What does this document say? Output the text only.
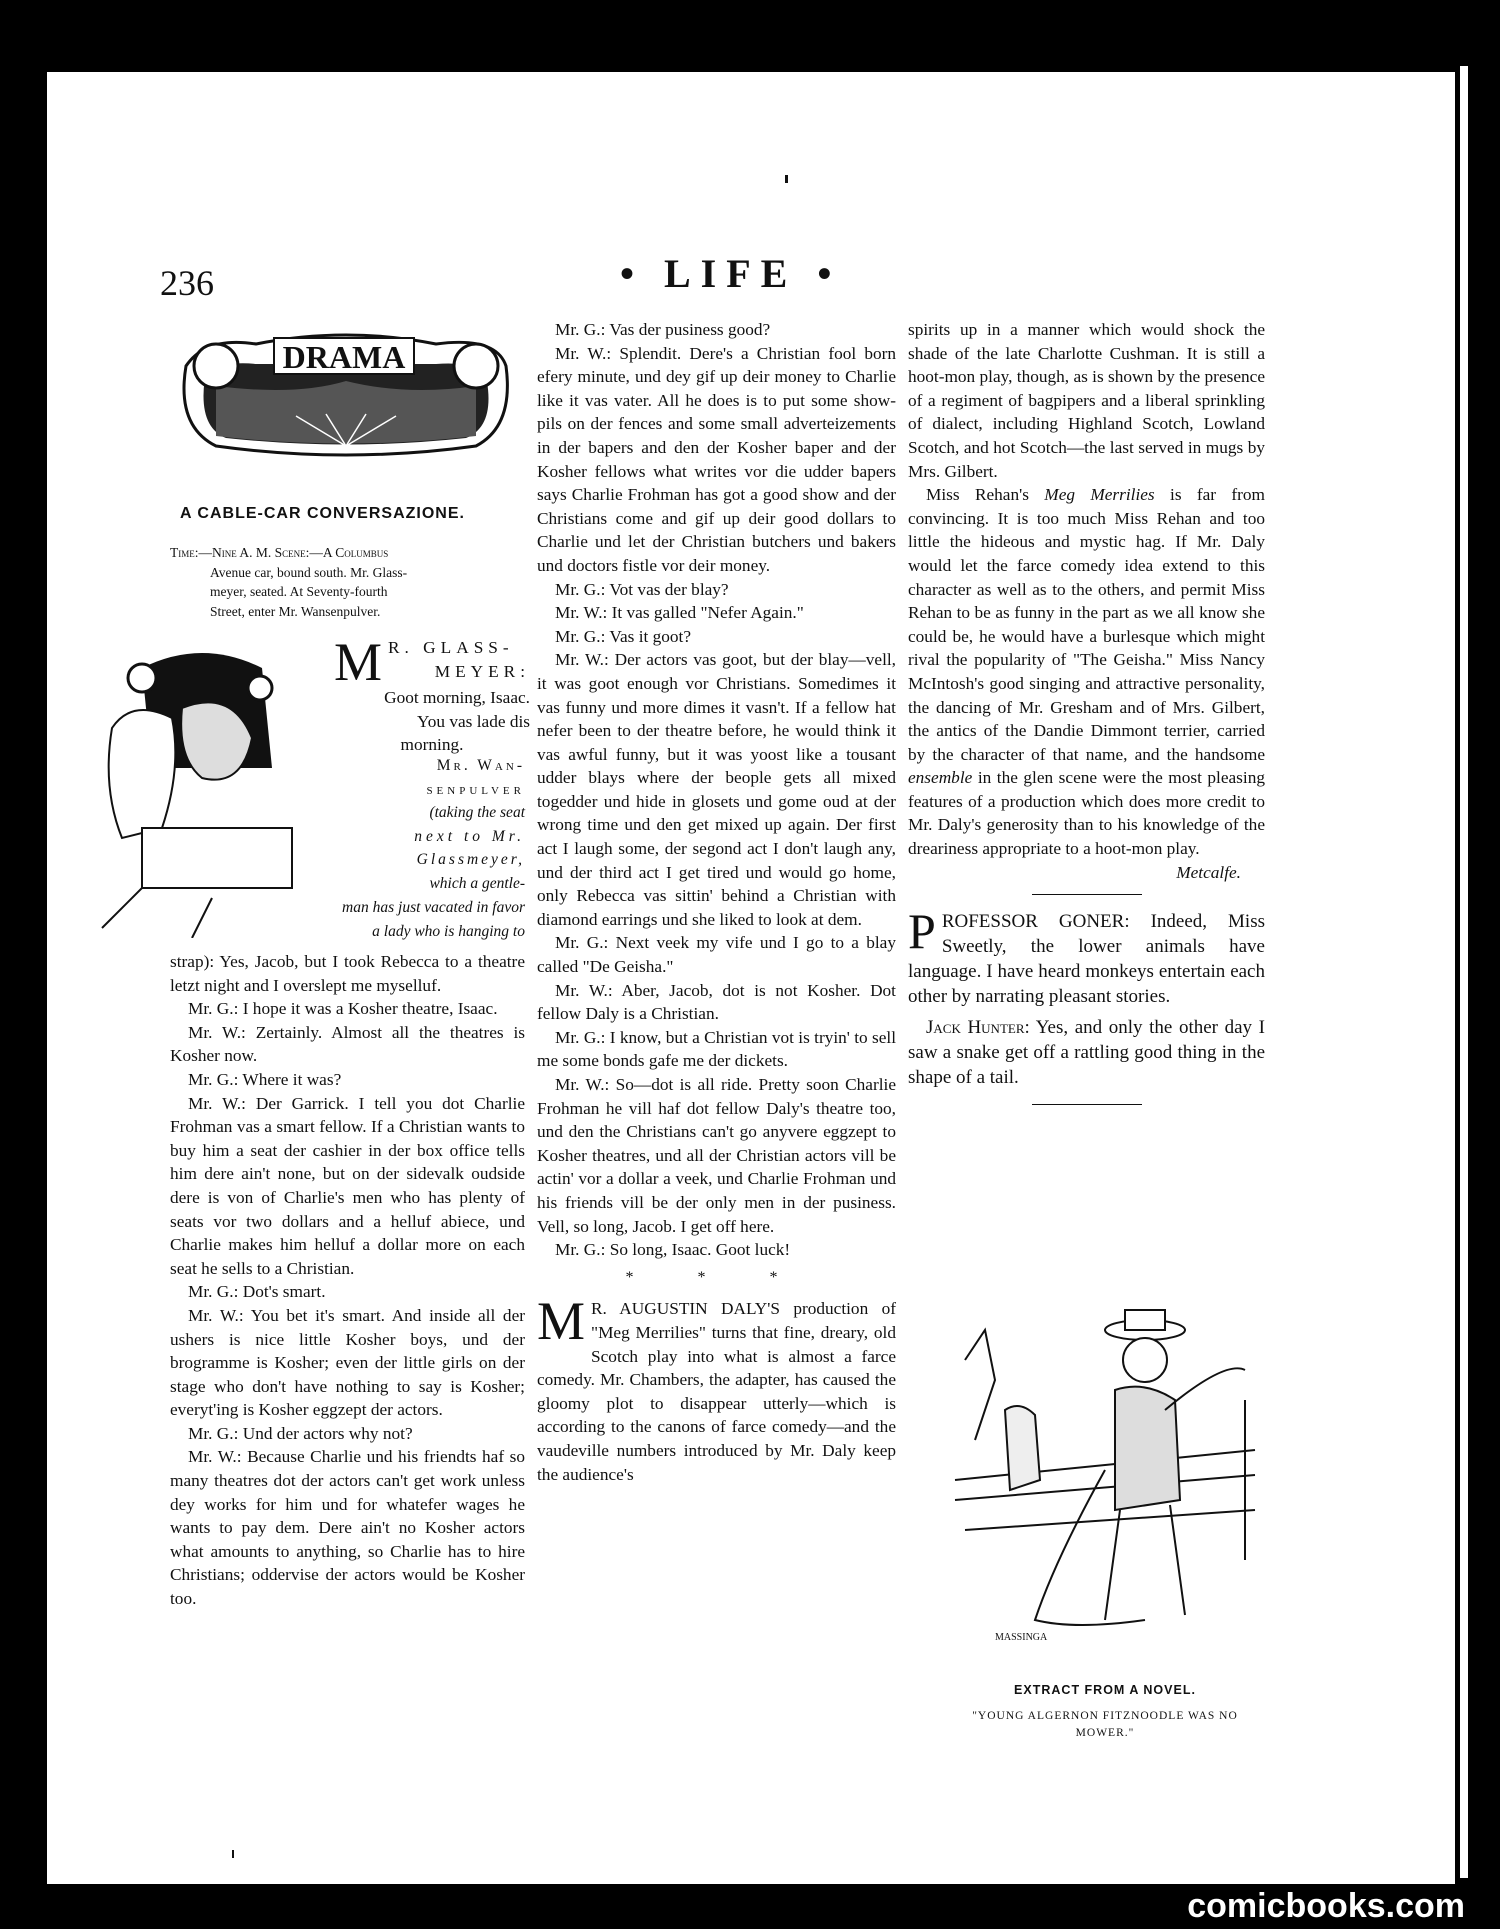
236	• LIFE •
DRAMA
A CABLE-CAR CONVERSAZIONE.
Time:—Nine A. M. Scene:—A Columbus
Avenue car, bound south. Mr. Glass-
meyer, seated. At Seventy-fourth
Street, enter Mr. Wansenpulver.
M R. GLASS-
MEYER:
Goot morning, Isaac.
You vas lade dis
morning.
Mr. Wan-
senpulver
(taking the seat
next to Mr.
Glassmeyer,
which a gentle-
man has just vacated in favor
a lady who is hanging to

strap): Yes, Jacob, but I took Rebecca to a theatre letzt night and I overslept me myselluf.

Mr. G.: I hope it was a Kosher theatre, Isaac.

Mr. W.: Zertainly. Almost all the theatres is Kosher now.

Mr. G.: Where it was?

Mr. W.: Der Garrick. I tell you dot Charlie Frohman vas a smart fellow. If a Christian wants to buy him a seat der cashier in der box office tells him dere ain't none, but on der sidevalk oudside dere is von of Charlie's men who has plenty of seats vor two dollars and a helluf abiece, und Charlie makes him helluf a dollar more on each seat he sells to a Christian.

Mr. G.: Dot's smart.

Mr. W.: You bet it's smart. And inside all der ushers is nice little Kosher boys, und der brogramme is Kosher; even der little girls on der stage who don't have nothing to say is Kosher; everyt'ing is Kosher eggzept der actors.

Mr. G.: Und der actors why not?

Mr. W.: Because Charlie und his friendts haf so many theatres dot der actors can't get work unless dey works for him und for whatefer wages he wants to pay dem. Dere ain't no Kosher actors what amounts to anything, so Charlie has to hire Christians; oddervise der actors would be Kosher too.

Mr. G.: Vas der pusiness good?

Mr. W.: Splendit. Dere's a Christian fool born efery minute, und dey gif up deir money to Charlie like it vas vater. All he does is to put some show-pils on der fences and some small adverteizements in der bapers and den der Kosher baper and der Kosher fellows what writes vor die udder bapers says Charlie Frohman has got a good show and der Christians come and gif up deir good dollars to Charlie und let der Christian butchers und bakers und doctors fistle vor deir money.

Mr. G.: Vot vas der blay?

Mr. W.: It vas galled "Nefer Again."

Mr. G.: Vas it goot?

Mr. W.: Der actors vas goot, but der blay—vell, it was goot enough vor Christians. Somedimes it vas funny und more dimes it vasn't. If a fellow hat nefer been to der theatre before, he would think it vas awful funny, but it was yoost like a tousant udder blays where der beople gets all mixed togedder und hide in glosets und gome oud at der wrong time und den get mixed up again. Der first act I laugh some, der segond act I don't laugh any, und der third act I get tired und would go home, only Rebecca vas sittin' behind a Christian with diamond earrings und she liked to look at dem.

Mr. G.: Next veek my vife und I go to a blay called "De Geisha."

Mr. W.: Aber, Jacob, dot is not Kosher. Dot fellow Daly is a Christian.

Mr. G.: I know, but a Christian vot is tryin' to sell me some bonds gafe me der dickets.

Mr. W.: So—dot is all ride. Pretty soon Charlie Frohman he vill haf dot fellow Daly's theatre too, und den the Christians can't go anyvere eggzept to Kosher theatres, und all der Christian actors vill be actin' vor a dollar a veek, und Charlie Frohman und his friends vill be der only men in der pusiness. Vell, so long, Jacob. I get off here.

Mr. G.: So long, Isaac. Goot luck!

* * *

M R. AUGUSTIN DALY'S production of "Meg Merrilies" turns that fine, dreary, old Scotch play into what is almost a farce comedy. Mr. Chambers, the adapter, has caused the gloomy plot to disappear utterly—which is according to the canons of farce comedy—and the vaudeville numbers introduced by Mr. Daly keep the audience's

spirits up in a manner which would shock the shade of the late Charlotte Cushman. It is still a hoot-mon play, though, as is shown by the presence of a regiment of bagpipers and a liberal sprinkling of dialect, including Highland Scotch, Lowland Scotch, and hot Scotch—the last served in mugs by Mrs. Gilbert.

Miss Rehan's Meg Merrilies is far from convincing. It is too much Miss Rehan and too little the hideous and mystic hag. If Mr. Daly would let the farce comedy idea extend to this character as well as to the others, and permit Miss Rehan to be as funny in the part as we all know she could be, he would have a burlesque which might rival the popularity of "The Geisha." Miss Nancy McIntosh's good singing and attractive personality, the dancing of Mr. Gresham and of Mrs. Gilbert, the antics of the Dandie Dimmont terrier, carried by the character of that name, and the handsome ensemble in the glen scene were the most pleasing features of a production which does more credit to Mr. Daly's generosity than to his knowledge of the dreariness appropriate to a hoot-mon play.

Metcalfe.

PROFESSOR GONER: Indeed, Miss Sweetly, the lower animals have language. I have heard monkeys entertain each other by narrating pleasant stories.

Jack Hunter: Yes, and only the other day I saw a snake get off a rattling good thing in the shape of a tail.

MASSINGA
EXTRACT FROM A NOVEL.
"YOUNG ALGERNON FITZNOODLE WAS NO
MOWER."
comicbooks.com
